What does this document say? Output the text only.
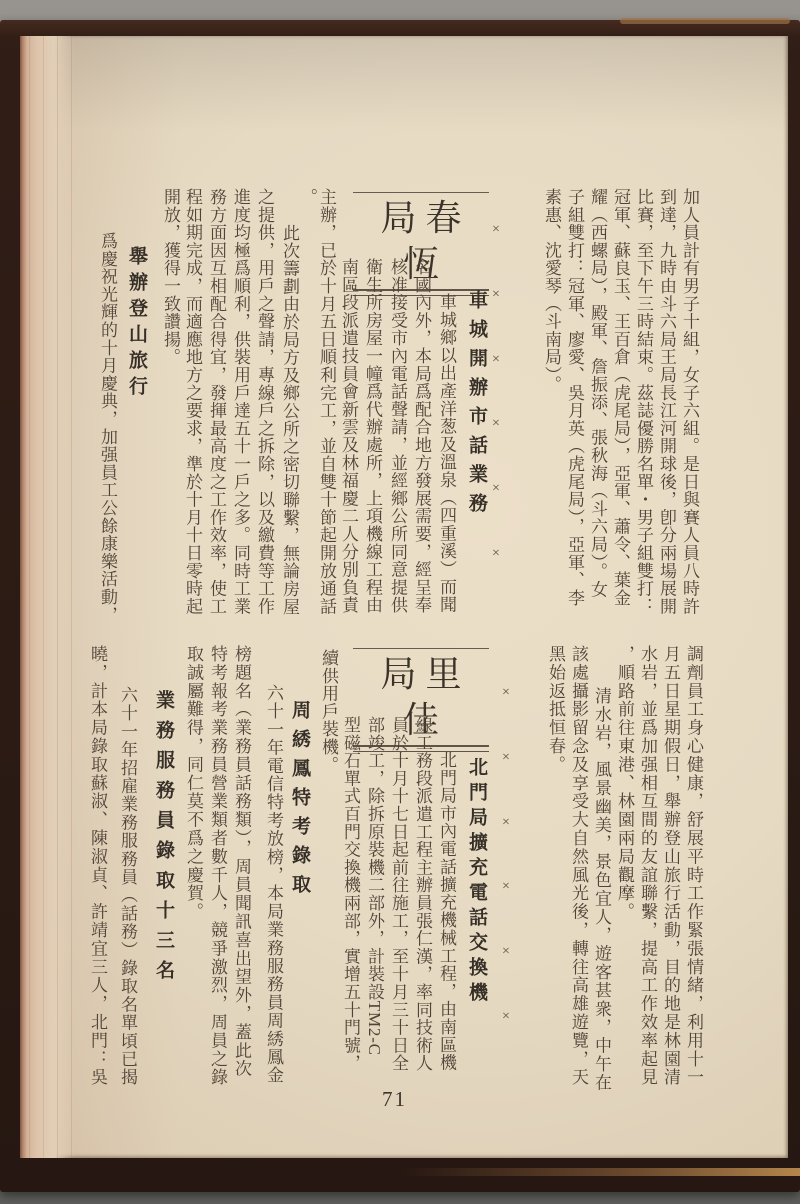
加人員計有男子十組，女子六組。是日與賽人員八時許
到達，九時由斗六局王局長江河開球後，卽分兩場展開
比賽，至下午三時結束。茲誌優勝名單・男子組雙打：
冠軍、蘇良玉、王百倉（虎尾局），亞軍、蕭令、葉金
耀（西螺局），殿軍、詹振添、張秋海（斗六局）。女
子組雙打：冠軍、廖愛、吳月英（虎尾局），亞軍、李
素惠、沈愛琴（斗南局）。
×
×
×
×
×
×
局春恆
車城開辦市話業務
車城鄉以出產洋葱及溫泉（四重溪）而聞
名國內外，本局爲配合地方發展需要，經呈奉
核准接受市內電話聲請，並經鄉公所同意提供
衛生所房屋一幢爲代辦處所，上項機線工程由
南區段派遣技員會新雲及林福慶二人分別負責
主辦，已於十月五日順利完工，並自雙十節起開放通話
。
此次籌劃由於局方及鄉公所之密切聯繫，無論房屋
之提供，用戶之聲請，專線戶之拆除，以及繳費等工作
進度均極爲順利，供裝用戶達五十一戶之多。同時工業
務方面因互相配合得宜，發揮最高度之工作效率，使工
程如期完成，而適應地方之要求，準於十月十日零時起
開放，獲得一致讚揚。
舉辦登山旅行
爲慶祝光輝的十月慶典，加强員工公餘康樂活動，
調劑員工身心健康，舒展平時工作緊張情緒，利用十一
月五日星期假日，舉辦登山旅行活動，目的地是林園清
水岩，並爲加强相互間的友誼聯繫，提高工作效率起見
，順路前往東港、林園兩局觀摩。
清水岩，風景幽美，景色宜人，遊客甚衆，中午在
該處攝影留念及享受大自然風光後，轉往高雄遊覽，天
黑始返抵恒春。
×
×
×
×
×
×
局里佳
北門局擴充電話交換機
北門局市內電話擴充機械工程，由南區機
線工務段派遣工程主辦員張仁漢，率同技術人
員於十月十七日起前往施工，至十月三十日全
部竣工，除拆原裝機二部外，計裝設TM2-C
型磁石單式百門交換機兩部，實增五十門號，
續供用戶裝機。
周綉鳳特考錄取
六十一年電信特考放榜，本局業務服務員周綉鳳金
榜題名（業務員話務類），周員聞訊喜出望外，蓋此次
特考報考業務員營業類者數千人，競爭激烈，周員之錄
取誠屬難得，同仁莫不爲之慶賀。
業務服務員錄取十三名
六十一年招雇業務服務員（話務）錄取名單頃已揭
曉，計本局錄取蘇淑、陳淑貞、許靖宜三人，北門：吳
71
